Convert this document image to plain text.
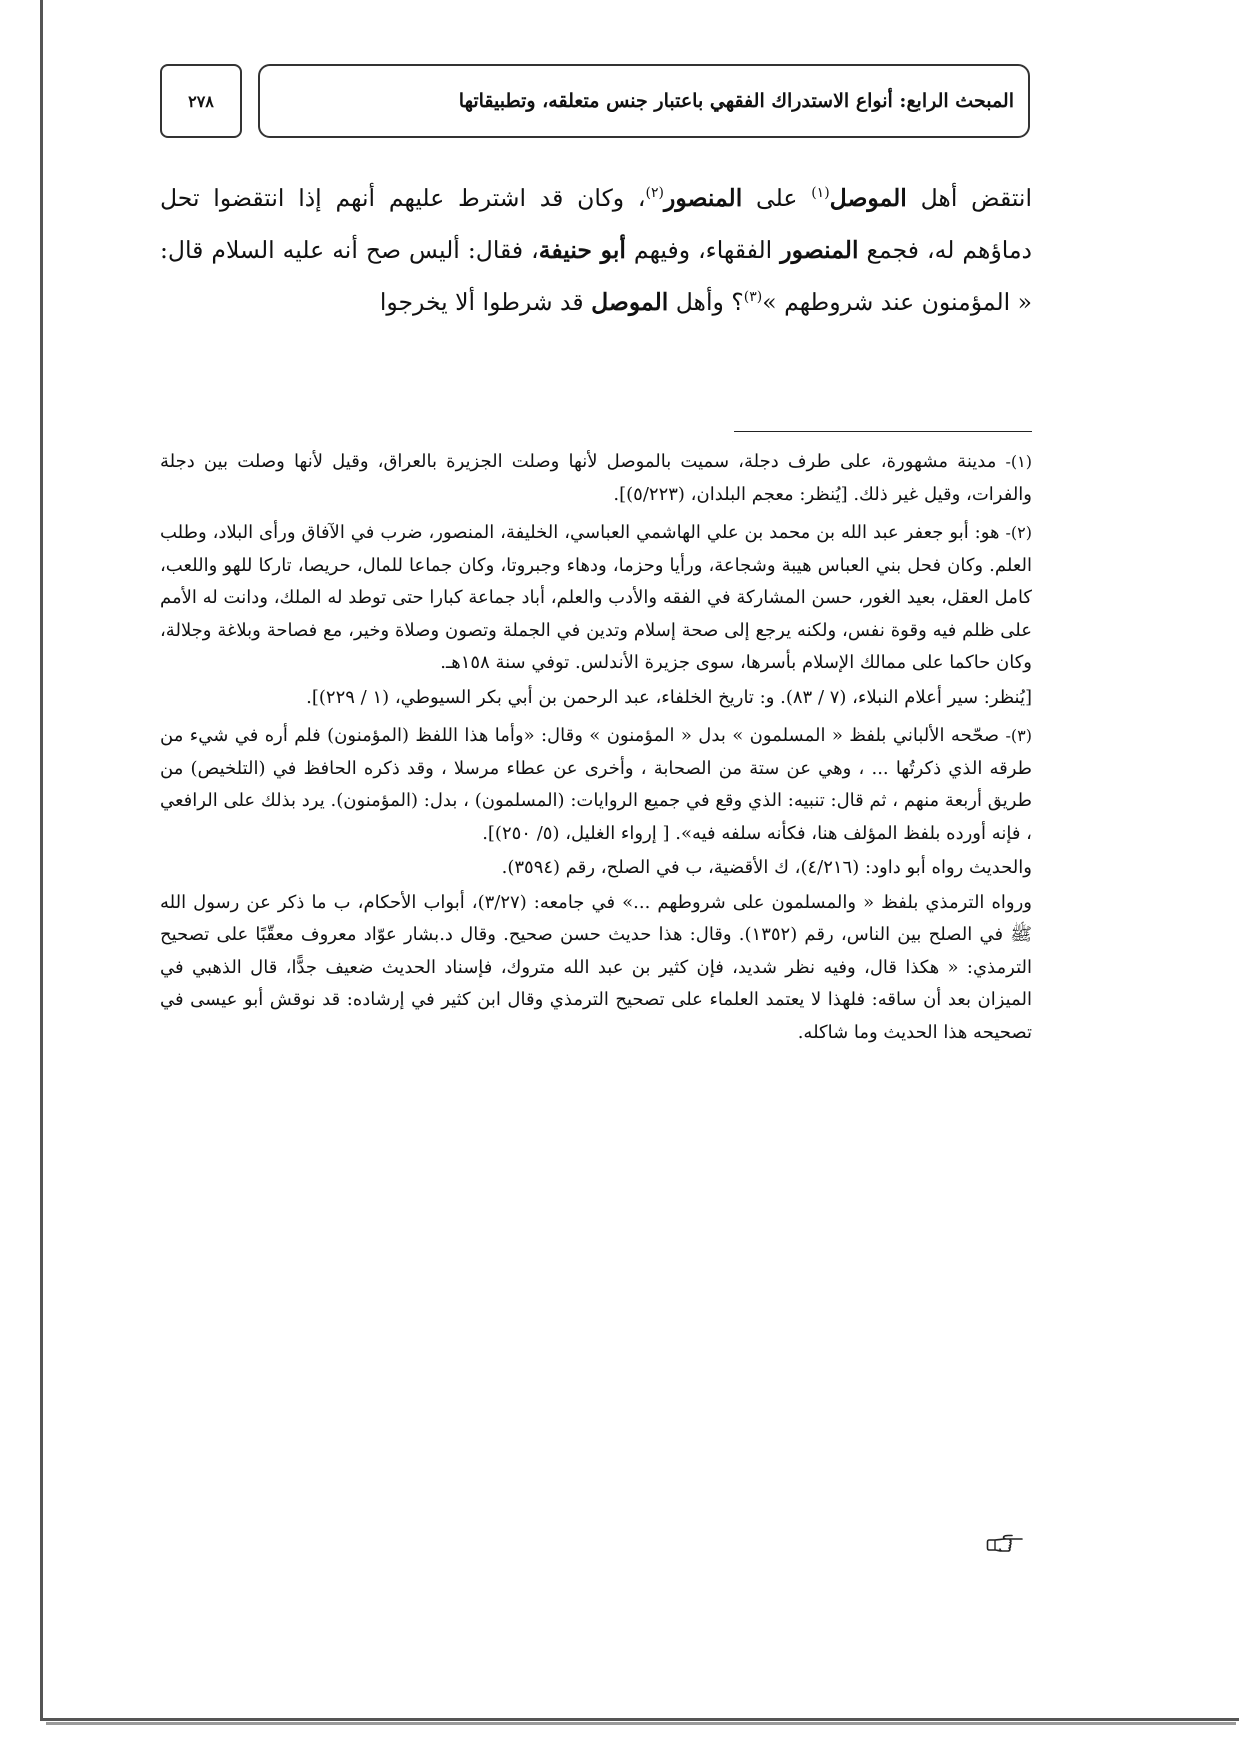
٢٧٨	المبحث الرابع: أنواع الاستدراك الفقهي باعتبار جنس متعلقه، وتطبيقاتها

انتقض أهل الموصل$^{(١)}$ على المنصور$^{(٢)}$، وكان قد اشترط عليهم أنهم إذا انتقضوا تحل دماؤهم له، فجمع المنصور الفقهاء، وفيهم أبو حنيفة، فقال: أليس صح أنه عليه السلام قال: « المؤمنون عند شروطهم »$^{(٣)}$؟ وأهل الموصل قد شرطوا ألا يخرجوا

(١)- مدينة مشهورة، على طرف دجلة، سميت بالموصل لأنها وصلت الجزيرة بالعراق، وقيل لأنها وصلت بين دجلة والفرات، وقيل غير ذلك. [يُنظر: معجم البلدان، (٥/٢٢٣)].

(٢)- هو: أبو جعفر عبد الله بن محمد بن علي الهاشمي العباسي، الخليفة، المنصور، ضرب في الآفاق ورأى البلاد، وطلب العلم. وكان فحل بني العباس هيبة وشجاعة، ورأيا وحزما، ودهاء وجبروتا، وكان جماعا للمال، حريصا، تاركا للهو واللعب، كامل العقل، بعيد الغور، حسن المشاركة في الفقه والأدب والعلم، أباد جماعة كبارا حتى توطد له الملك، ودانت له الأمم على ظلم فيه وقوة نفس، ولكنه يرجع إلى صحة إسلام وتدين في الجملة وتصون وصلاة وخير، مع فصاحة وبلاغة وجلالة، وكان حاكما على ممالك الإسلام بأسرها، سوى جزيرة الأندلس. توفي سنة ١٥٨هـ.

[يُنظر: سير أعلام النبلاء، (٧ / ٨٣). و: تاريخ الخلفاء، عبد الرحمن بن أبي بكر السيوطي، (١ / ٢٢٩)].

(٣)- صحّحه الألباني بلفظ « المسلمون » بدل « المؤمنون » وقال: «وأما هذا اللفظ (المؤمنون) فلم أره في شيء من طرقه الذي ذكرتُها ... ، وهي عن ستة من الصحابة ، وأخرى عن عطاء مرسلا ، وقد ذكره الحافظ في (التلخيص) من طريق أربعة منهم ، ثم قال: تنبيه: الذي وقع في جميع الروايات: (المسلمون) ، بدل: (المؤمنون). يرد بذلك على الرافعي ، فإنه أورده بلفظ المؤلف هنا، فكأنه سلفه فيه». [ إرواء الغليل، (٥/ ٢٥٠)].

والحديث رواه أبو داود: (٤/٢١٦)، ك الأقضية، ب في الصلح، رقم (٣٥٩٤).

ورواه الترمذي بلفظ « والمسلمون على شروطهم ...» في جامعه: (٣/٢٧)، أبواب الأحكام، ب ما ذكر عن رسول الله ﷺ في الصلح بين الناس، رقم (١٣٥٢). وقال: هذا حديث حسن صحيح. وقال د.بشار عوّاد معروف معقّبًا على تصحيح الترمذي: « هكذا قال، وفيه نظر شديد، فإن كثير بن عبد الله متروك، فإسناد الحديث ضعيف جدًّا، قال الذهبي في الميزان بعد أن ساقه: فلهذا لا يعتمد العلماء على تصحيح الترمذي وقال ابن كثير في إرشاده: قد نوقش أبو عيسى في تصحيحه هذا الحديث وما شاكله.
